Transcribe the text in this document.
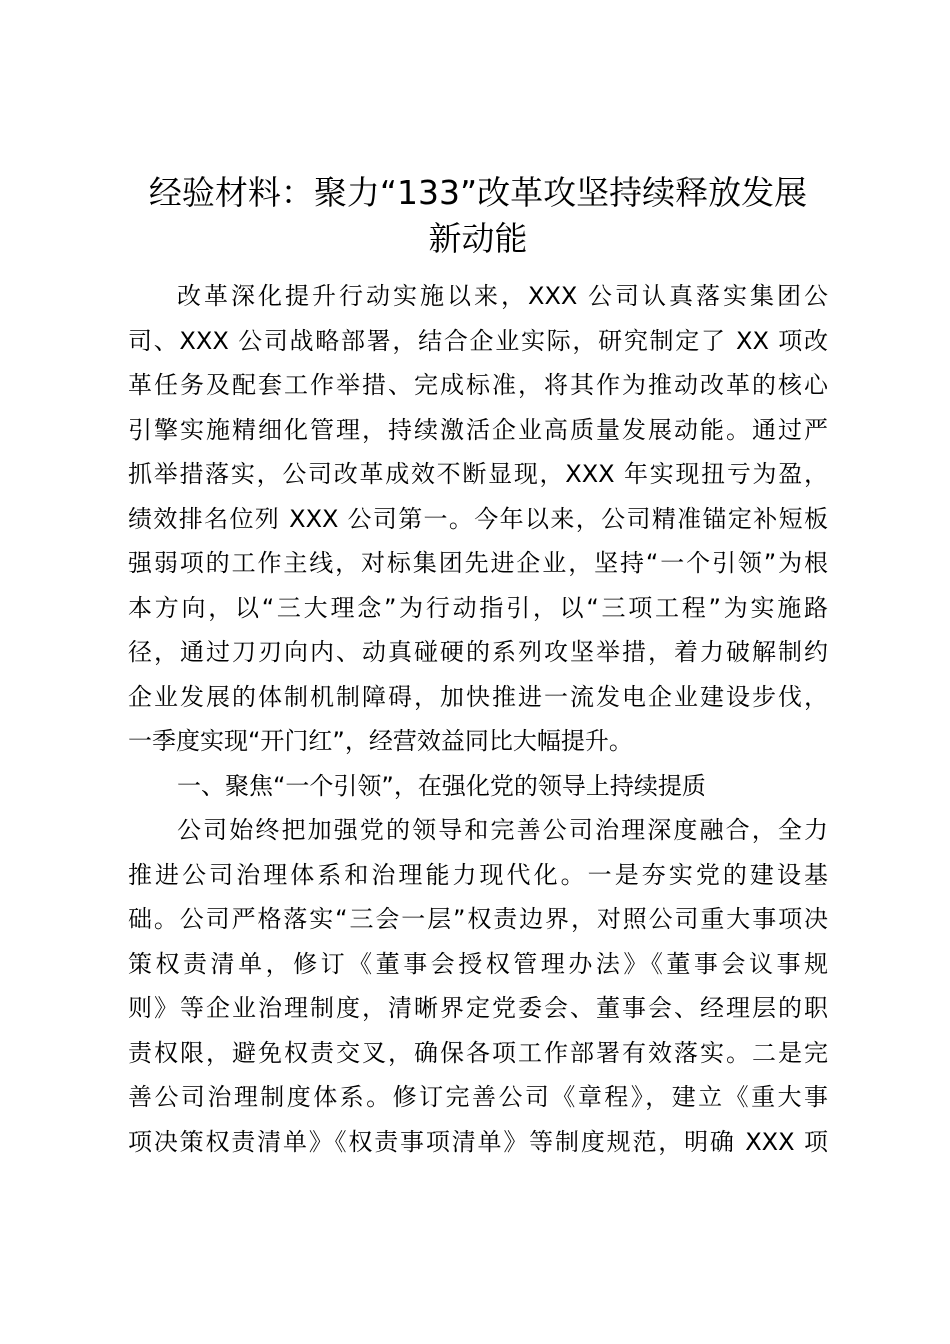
经验材料：聚力“133”改革攻坚持续释放发展
新动能
改革深化提升行动实施以来，XXX 公司认真落实集团公
司、XXX 公司战略部署，结合企业实际，研究制定了 XX 项改
革任务及配套工作举措、完成标准，将其作为推动改革的核心
引擎实施精细化管理，持续激活企业高质量发展动能。通过严
抓举措落实，公司改革成效不断显现，XXX 年实现扭亏为盈，
绩效排名位列 XXX 公司第一。今年以来，公司精准锚定补短板
强弱项的工作主线，对标集团先进企业，坚持“一个引领”为根
本方向，以“三大理念”为行动指引，以“三项工程”为实施路
径，通过刀刃向内、动真碰硬的系列攻坚举措，着力破解制约
企业发展的体制机制障碍，加快推进一流发电企业建设步伐，
一季度实现“开门红”，经营效益同比大幅提升。
一、聚焦“一个引领”，在强化党的领导上持续提质
公司始终把加强党的领导和完善公司治理深度融合，全力
推进公司治理体系和治理能力现代化。一是夯实党的建设基
础。公司严格落实“三会一层”权责边界，对照公司重大事项决
策权责清单，修订《董事会授权管理办法》《董事会议事规
则》等企业治理制度，清晰界定党委会、董事会、经理层的职
责权限，避免权责交叉，确保各项工作部署有效落实。二是完
善公司治理制度体系。修订完善公司《章程》，建立《重大事
项决策权责清单》《权责事项清单》等制度规范，明确 XXX 项
